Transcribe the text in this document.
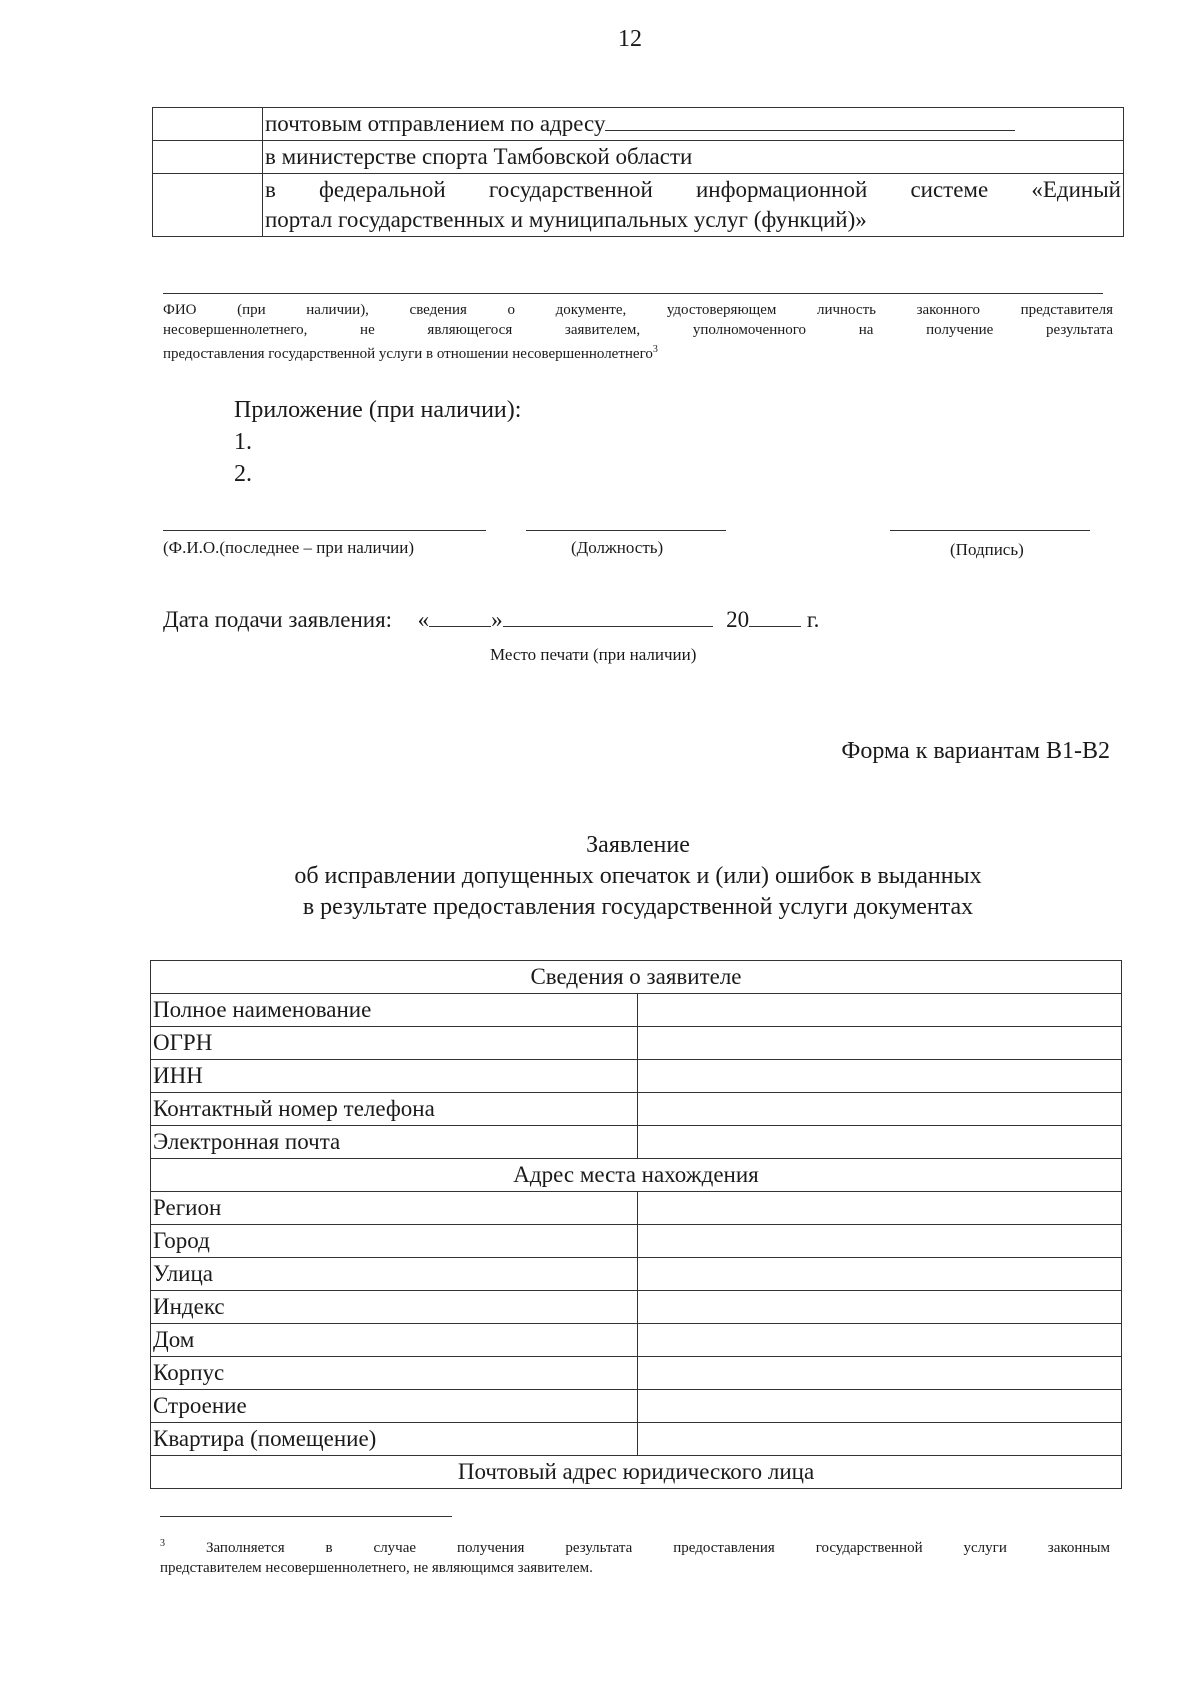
12
	почтовым отправлением по адресу
	в министерстве спорта Тамбовской области

	в федеральной государственной информационной системе «Единый
портал государственных и муниципальных услуг (функций)»
ФИО (при наличии), сведения о документе, удостоверяющем личность законного представителя
несовершеннолетнего, не являющегося заявителем, уполномоченного на получение результата
предоставления государственной услуги в отношении несовершеннолетнего$^3$
Приложение (при наличии):
1.
2.
(Ф.И.О.(последнее – при наличии)	(Должность)	(Подпись)
Дата подачи заявления: «	»	20	г.
Место печати (при наличии)
Форма к вариантам В1-В2
Заявление
об исправлении допущенных опечаток и (или) ошибок в выданных
в результате предоставления государственной услуги документах
Сведения о заявителе	
Полное наименование	
ОГРН	
ИНН	
Контактный номер телефона	
Электронная почта	
Адрес места нахождения	
Регион	
Город	
Улица	
Индекс	
Дом	
Корпус	
Строение	
Квартира (помещение)	
Почтовый адрес юридического лица	
$^3$	Заполняется в случае получения результата предоставления государственной услуги законным
представителем несовершеннолетнего, не являющимся заявителем.
